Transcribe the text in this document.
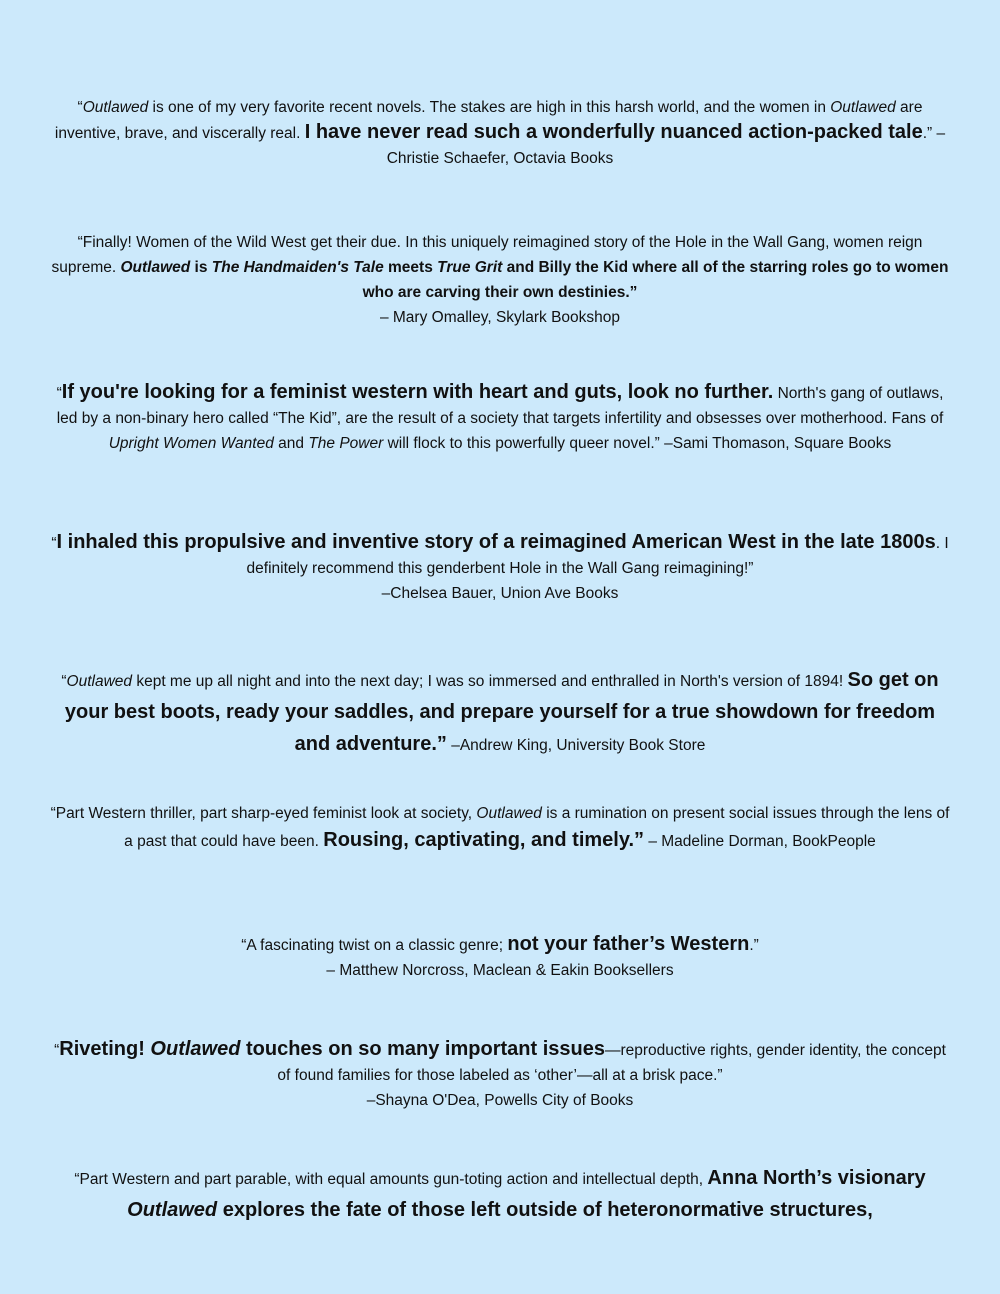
“Outlawed is one of my very favorite recent novels. The stakes are high in this harsh world, and the women in Outlawed are inventive, brave, and viscerally real. I have never read such a wonderfully nuanced action-packed tale.” –Christie Schaefer, Octavia Books

“Finally! Women of the Wild West get their due. In this uniquely reimagined story of the Hole in the Wall Gang, women reign supreme. Outlawed is The Handmaiden's Tale meets True Grit and Billy the Kid where all of the starring roles go to women who are carving their own destinies.”

– Mary Omalley, Skylark Bookshop

“If you're looking for a feminist western with heart and guts, look no further. North's gang of outlaws, led by a non-binary hero called “The Kid”, are the result of a society that targets infertility and obsesses over motherhood. Fans of Upright Women Wanted and The Power will flock to this powerfully queer novel.” –Sami Thomason, Square Books

“I inhaled this propulsive and inventive story of a reimagined American West in the late 1800s. I definitely recommend this genderbent Hole in the Wall Gang reimagining!”

–Chelsea Bauer, Union Ave Books

“Outlawed kept me up all night and into the next day; I was so immersed and enthralled in North's version of 1894! So get on your best boots, ready your saddles, and prepare yourself for a true showdown for freedom and adventure.” –Andrew King, University Book Store

“Part Western thriller, part sharp-eyed feminist look at society, Outlawed is a rumination on present social issues through the lens of a past that could have been. Rousing, captivating, and timely.” – Madeline Dorman, BookPeople

“A fascinating twist on a classic genre; not your father’s Western.”

– Matthew Norcross, Maclean & Eakin Booksellers

“Riveting! Outlawed touches on so many important issues—reproductive rights, gender identity, the concept of found families for those labeled as ‘other’—all at a brisk pace.”

–Shayna O'Dea, Powells City of Books

“Part Western and part parable, with equal amounts gun-toting action and intellectual depth, Anna North’s visionary Outlawed explores the fate of those left outside of heteronormative structures,
